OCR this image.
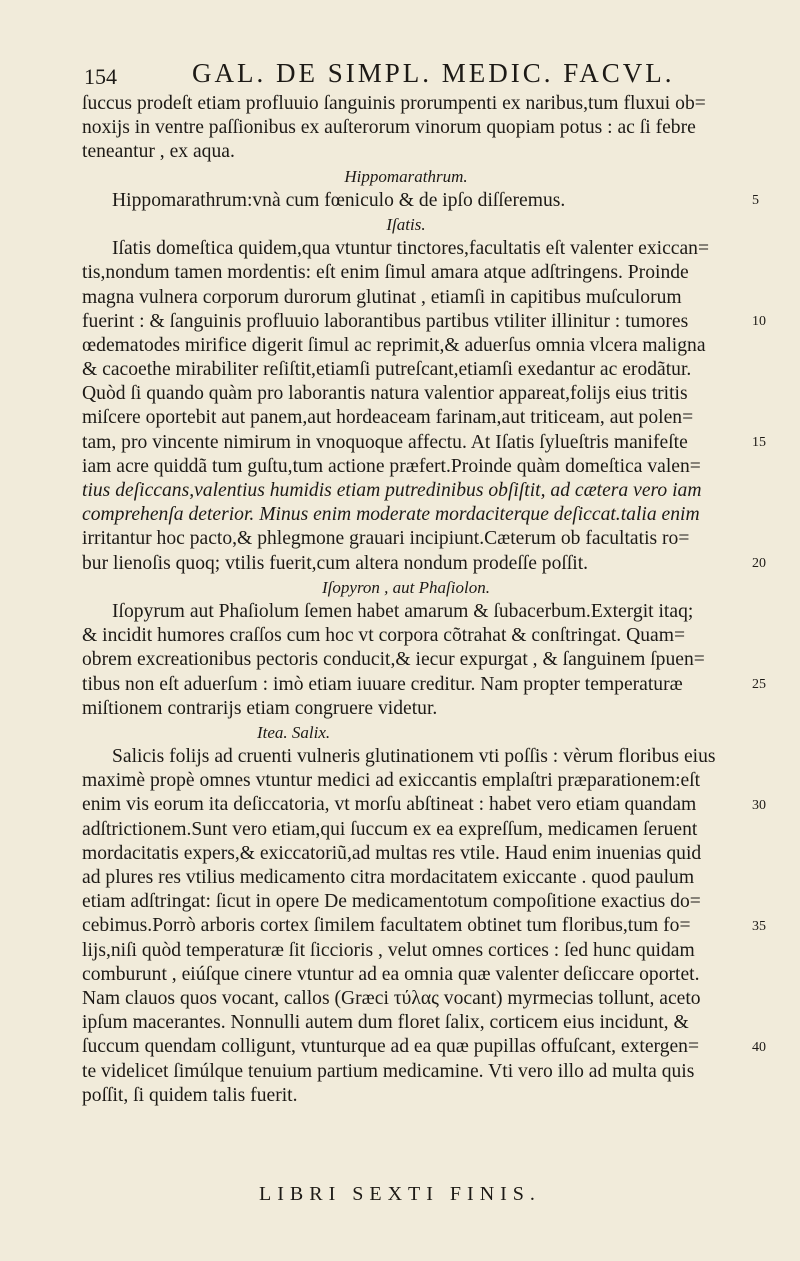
154	GAL. DE SIMPL. MEDIC. FACVL.
ſuccus prodeſt etiam profluuio ſanguinis prorumpenti ex naribus,tum fluxui ob=
noxijs in ventre paſſionibus ex auſterorum vinorum quopiam potus : ac ſi febre
teneantur , ex aqua.
Hippomarathrum.
Hippomarathrum:vnà cum fœniculo & de ipſo diſſeremus.
Iſatis.
Iſatis domeſtica quidem,qua vtuntur tinctores,facultatis eſt valenter exiccan=
tis,nondum tamen mordentis: eſt enim ſimul amara atque adſtringens. Proinde
magna vulnera corporum durorum glutinat , etiamſi in capitibus muſculorum
fuerint : & ſanguinis profluuio laborantibus partibus vtiliter illinitur : tumores
œdematodes mirifice digerit ſimul ac reprimit,& aduerſus omnia vlcera maligna
& cacoethe mirabiliter reſiſtit,etiamſi putreſcant,etiamſi exedantur ac erodãtur.
Quòd ſi quando quàm pro laborantis natura valentior appareat,folijs eius tritis
miſcere oportebit aut panem,aut hordeaceam farinam,aut triticeam, aut polen=
tam, pro vincente nimirum in vnoquoque affectu. At Iſatis ſylueſtris manifeſte
iam acre quiddã tum guſtu,tum actione præfert.Proinde quàm domeſtica valen=
tius deſiccans,valentius humidis etiam putredinibus obſiſtit, ad cætera vero iam
comprehenſa deterior. Minus enim moderate mordaciterque deſiccat.talia enim
irritantur hoc pacto,& phlegmone grauari incipiunt.Cæterum ob facultatis ro=
bur lienoſis quoq; vtilis fuerit,cum altera nondum prodeſſe poſſit.
Iſopyron , aut Phaſiolon.
Iſopyrum aut Phaſiolum ſemen habet amarum & ſubacerbum.Extergit itaq;
& incidit humores craſſos cum hoc vt corpora cõtrahat & conſtringat. Quam=
obrem excreationibus pectoris conducit,& iecur expurgat , & ſanguinem ſpuen=
tibus non eſt aduerſum : imò etiam iuuare creditur. Nam propter temperaturæ
miſtionem contrarijs etiam congruere videtur.
Itea. Salix.
Salicis folijs ad cruenti vulneris glutinationem vti poſſis : vèrum floribus eius
maximè propè omnes vtuntur medici ad exiccantis emplaſtri præparationem:eſt
enim vis eorum ita deſiccatoria, vt morſu abſtineat : habet vero etiam quandam
adſtrictionem.Sunt vero etiam,qui ſuccum ex ea expreſſum, medicamen ſeruent
mordacitatis expers,& exiccatoriũ,ad multas res vtile. Haud enim inuenias quid
ad plures res vtilius medicamento citra mordacitatem exiccante . quod paulum
etiam adſtringat: ſicut in opere De medicamentotum compoſitione exactius do=
cebimus.Porrò arboris cortex ſimilem facultatem obtinet tum floribus,tum fo=
lijs,niſi quòd temperaturæ ſit ſiccioris , velut omnes cortices : ſed hunc quidam
comburunt , eiúſque cinere vtuntur ad ea omnia quæ valenter deſiccare oportet.
Nam clauos quos vocant, callos (Græci τύλας vocant) myrmecias tollunt, aceto
ipſum macerantes. Nonnulli autem dum floret ſalix, corticem eius incidunt, &
ſuccum quendam colligunt, vtunturque ad ea quæ pupillas offuſcant, extergen=
te videlicet ſimúlque tenuium partium medicamine. Vti vero illo ad multa quis
poſſit, ſi quidem talis fuerit.
5
10
15
20
25
30
35
40
LIBRI SEXTI FINIS.
